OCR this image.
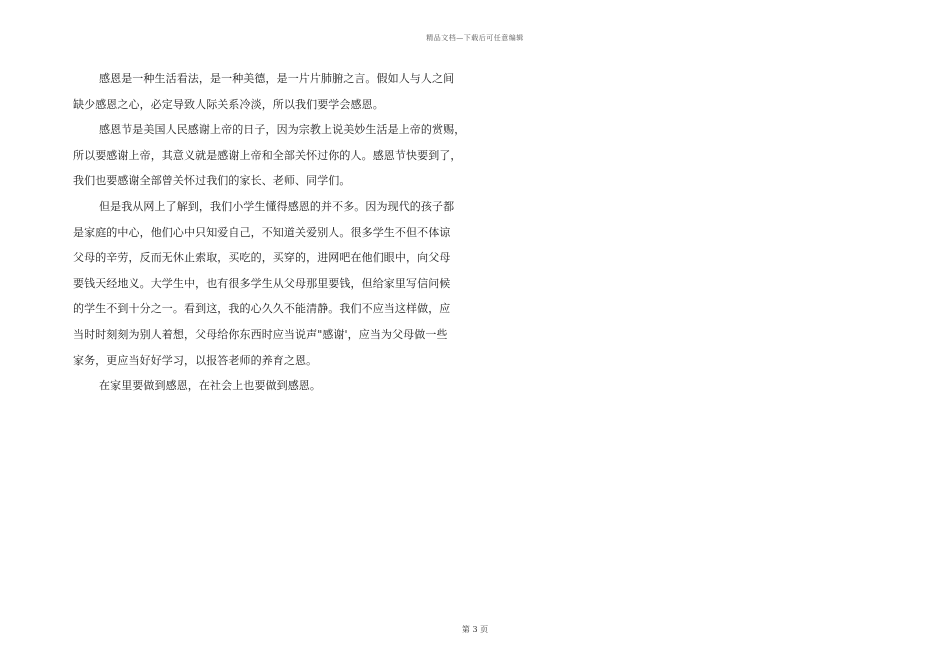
精品文档—下载后可任意编辑
感恩是一种生活看法，是一种美德，是一片片肺腑之言。假如人与人之间
缺少感恩之心，必定导致人际关系冷淡，所以我们要学会感恩。
感恩节是美国人民感谢上帝的日子，因为宗教上说美妙生活是上帝的赏赐，
所以要感谢上帝，其意义就是感谢上帝和全部关怀过你的人。感恩节快要到了，
我们也要感谢全部曾关怀过我们的家长、老师、同学们。
但是我从网上了解到，我们小学生懂得感恩的并不多。因为现代的孩子都
是家庭的中心，他们心中只知爱自己，不知道关爱别人。很多学生不但不体谅
父母的辛劳，反而无休止索取，买吃的，买穿的，进网吧在他们眼中，向父母
要钱天经地义。大学生中，也有很多学生从父母那里要钱，但给家里写信问候
的学生不到十分之一。看到这，我的心久久不能清静。我们不应当这样做，应
当时时刻刻为别人着想，父母给你东西时应当说声"感谢'，应当为父母做一些
家务，更应当好好学习，以报答老师的养育之恩。
在家里要做到感恩，在社会上也要做到感恩。
第 3 页
